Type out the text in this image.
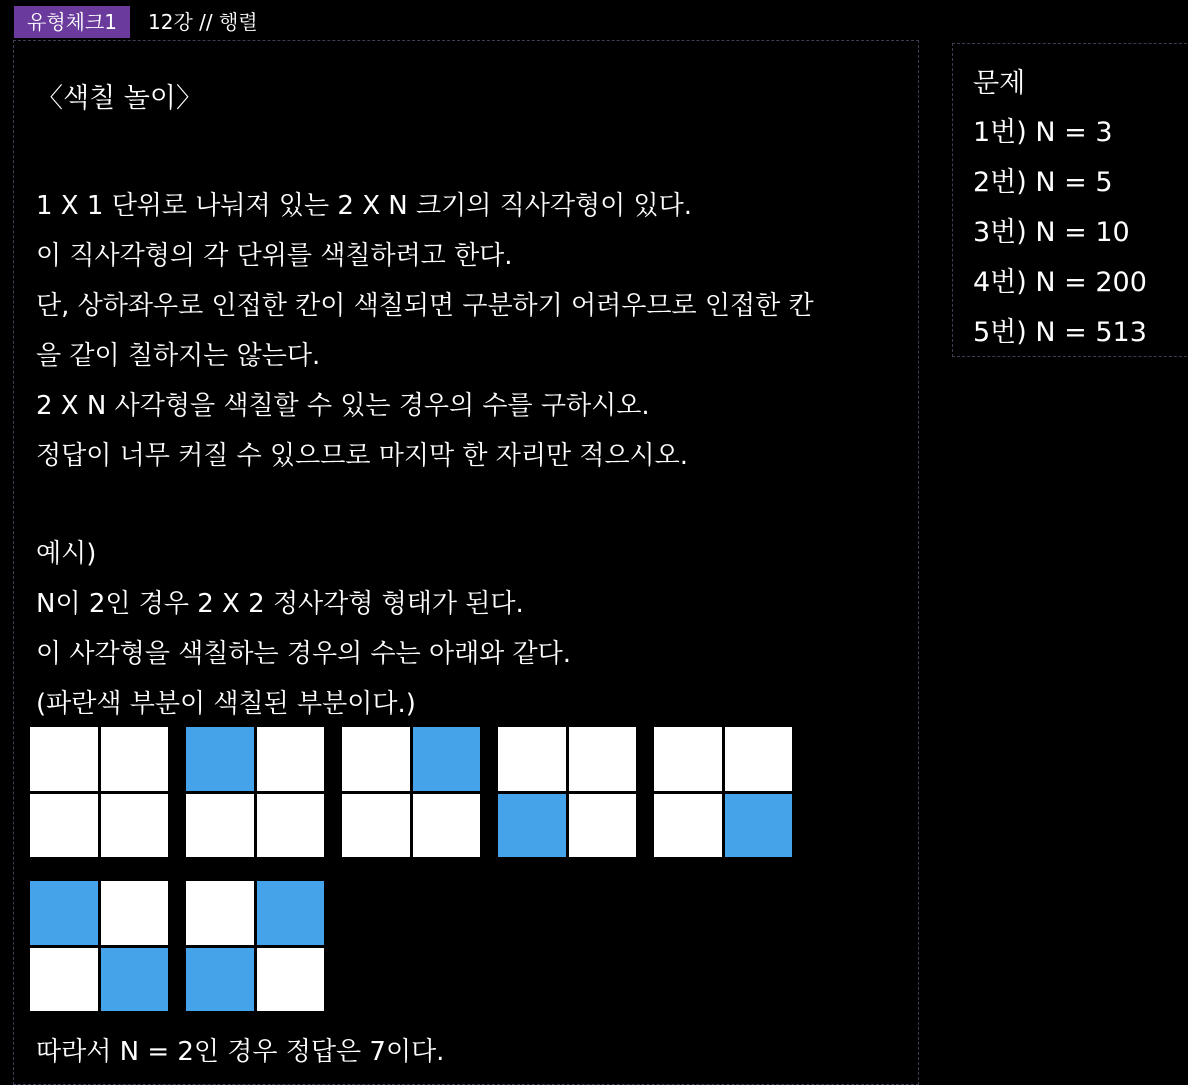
유형체크1	12강 // 행렬
〈색칠 놀이〉
1 X 1 단위로 나눠져 있는 2 X N 크기의 직사각형이 있다.
이 직사각형의 각 단위를 색칠하려고 한다.
단, 상하좌우로 인접한 칸이 색칠되면 구분하기 어려우므로 인접한 칸
을 같이 칠하지는 않는다.
2 X N 사각형을 색칠할 수 있는 경우의 수를 구하시오.
정답이 너무 커질 수 있으므로 마지막 한 자리만 적으시오.
예시)
N이 2인 경우 2 X 2 정사각형 형태가 된다.
이 사각형을 색칠하는 경우의 수는 아래와 같다.
(파란색 부분이 색칠된 부분이다.)
따라서 N = 2인 경우 정답은 7이다.
문제
1번) N = 3
2번) N = 5
3번) N = 10
4번) N = 200
5번) N = 513
